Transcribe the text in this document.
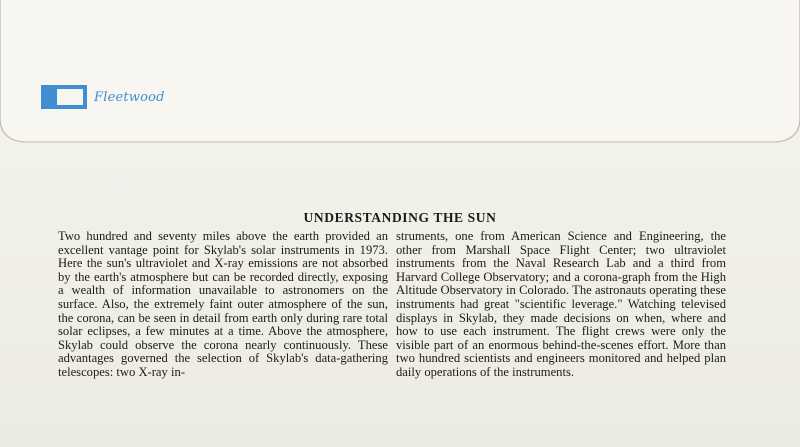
Fleetwood
UNDERSTANDING THE SUN
Two hundred and seventy miles above the earth provided an excellent vantage point for Skylab's solar instruments in 1973. Here the sun's ultraviolet and X-ray emissions are not absorbed by the earth's atmosphere but can be recorded directly, exposing a wealth of information unavailable to astronomers on the surface. Also, the extremely faint outer atmosphere of the sun, the corona, can be seen in detail from earth only during rare total solar eclipses, a few minutes at a time. Above the atmosphere, Skylab could observe the corona nearly continuously. These advantages governed the selection of Skylab's data-gathering telescopes: two X-ray in-
struments, one from American Science and Engineering, the other from Marshall Space Flight Center; two ultraviolet instruments from the Naval Research Lab and a third from Harvard College Observatory; and a corona-graph from the High Altitude Observatory in Colorado. The astronauts operating these instruments had great "scientific leverage." Watching televised displays in Skylab, they made decisions on when, where and how to use each instrument. The flight crews were only the visible part of an enormous behind-the-scenes effort. More than two hundred scientists and engineers monitored and helped plan daily operations of the instruments.
